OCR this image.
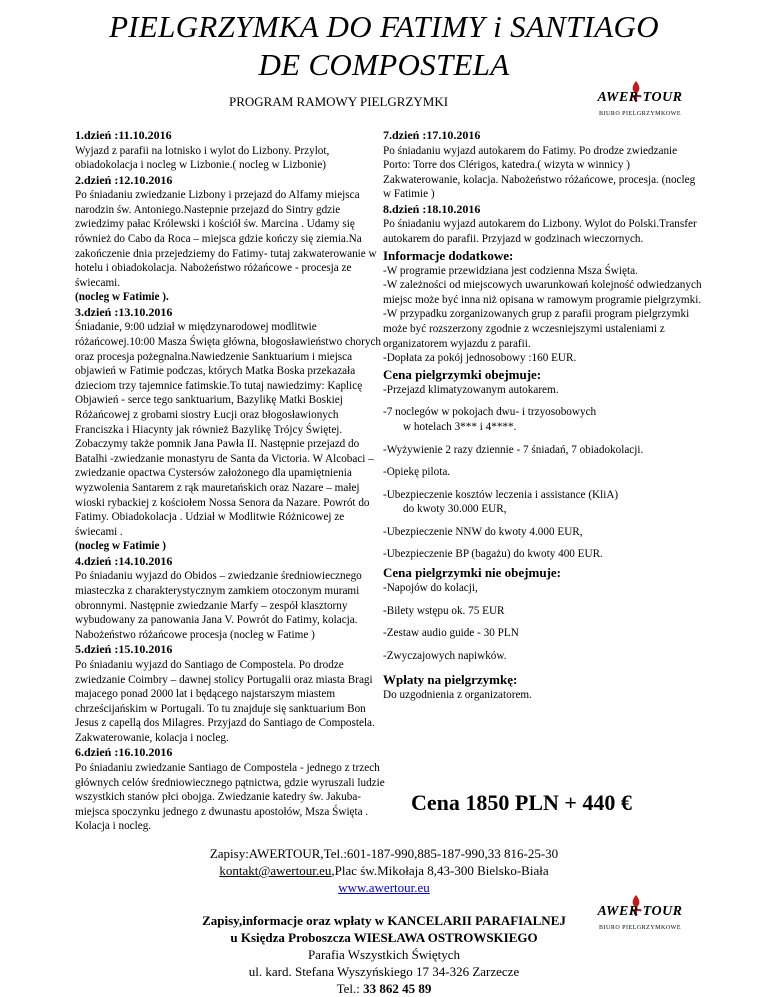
PIELGRZYMKA DO FATIMY i SANTIAGO
DE COMPOSTELA
PROGRAM RAMOWY PIELGRZYMKI	AWER·TOUR
BIURO PIELGRZYMKOWE

1.dzień :11.10.2016

Wyjazd z parafii na lotnisko i wylot do Lizbony. Przylot, obiadokolacja i nocleg w Lizbonie.( nocleg w Lizbonie)

2.dzień :12.10.2016

Po śniadaniu zwiedzanie Lizbony i przejazd do Alfamy miejsca narodzin św. Antoniego.Nastepnie przejazd do Sintry gdzie zwiedzimy pałac Królewski i kościół św. Marcina . Udamy się również do Cabo da Roca – miejsca gdzie kończy się ziemia.Na zakończenie dnia przejedziemy do Fatimy- tutaj zakwaterowanie w hotelu i obiadokolacja. Nabożeństwo różańcowe - procesja ze świecami.

(nocleg w Fatimie ).

3.dzień :13.10.2016

Śniadanie, 9:00 udział w międzynarodowej modlitwie różańcowej.10:00 Masza Święta główna, błogosławieństwo chorych oraz procesja pożegnalna.Nawiedzenie Sanktuarium i miejsca objawień w Fatimie podczas, których Matka Boska przekazała dzieciom trzy tajemnice fatimskie.To tutaj nawiedzimy: Kaplicę Objawień - serce tego sanktuarium, Bazylikę Matki Boskiej Różańcowej z grobami siostry Łucji oraz błogosławionych Franciszka i Hiacynty jak również Bazylikę Trójcy Świętej. Zobaczymy także pomnik Jana Pawła II. Następnie przejazd do Batalhi -zwiedzanie monastyru de Santa da Victoria. W Alcobaci – zwiedzanie opactwa Cystersów założonego dla upamiętnienia wyzwolenia Santarem z rąk mauretańskich oraz Nazare – małej wioski rybackiej z kościołem Nossa Senora da Nazare. Powrót do Fatimy. Obiadokolacja . Udział w Modlitwie Różnicowej ze świecami .

(nocleg w Fatimie )

4.dzień :14.10.2016

Po śniadaniu wyjazd do Obidos – zwiedzanie średniowiecznego miasteczka z charakterystycznym zamkiem otoczonym murami obronnymi. Następnie zwiedzanie Marfy – zespół klasztorny wybudowany za panowania Jana V. Powrót do Fatimy, kolacja. Nabożeństwo różańcowe procesja (nocleg w Fatime )

5.dzień :15.10.2016

Po śniadaniu wyjazd do Santiago de Compostela. Po drodze zwiedzanie Coimbry – dawnej stolicy Portugalii oraz miasta Bragi majacego ponad 2000 lat i będącego najstarszym miastem chrześcijańskim w Portugali. To tu znajduje się sanktuarium Bon Jesus z capellą dos Milagres. Przyjazd do Santiago de Compostela. Zakwaterowanie, kolacja i nocleg.

6.dzień :16.10.2016

Po śniadaniu zwiedzanie Santiago de Compostela - jednego z trzech głównych celów średniowiecznego pątnictwa, gdzie wyruszali ludzie wszystkich stanów płci obojga. Zwiedzanie katedry św. Jakuba-miejsca spoczynku jednego z dwunastu apostołów, Msza Święta . Kolacja i nocleg.

7.dzień :17.10.2016

Po śniadaniu wyjazd autokarem do Fatimy. Po drodze zwiedzanie Porto: Torre dos Clérigos, katedra.( wizyta w winnicy ) Zakwaterowanie, kolacja. Nabożeństwo różańcowe, procesja. (nocleg w Fatimie )

8.dzień :18.10.2016

Po śniadaniu wyjazd autokarem do Lizbony. Wylot do Polski.Transfer autokarem do parafii. Przyjazd w godzinach wieczornych.

Informacje dodatkowe:

-W programie przewidziana jest codzienna Msza Święta.

-W zależności od miejscowych uwarunkowań kolejność odwiedzanych miejsc może być inna niż opisana w ramowym programie pielgrzymki.

-W przypadku zorganizowanych grup z parafii program pielgrzymki może być rozszerzony zgodnie z wczesniejszymi ustaleniami z organizatorem wyjazdu z parafii.

-Dopłata za pokój jednosobowy :160 EUR.

Cena pielgrzymki obejmuje:

-Przejazd klimatyzowanym autokarem.

-7 noclegów w pokojach dwu- i trzyosobowych

w hotelach 3*** i 4****.

-Wyżywienie 2 razy dziennie - 7 śniadań, 7 obiadokolacji.

-Opiekę pilota.

-Ubezpieczenie kosztów leczenia i assistance (KliA)

do kwoty 30.000 EUR,

-Ubezpieczenie NNW do kwoty 4.000 EUR,

-Ubezpieczenie BP (bagażu) do kwoty 400 EUR.

Cena pielgrzymki nie obejmuje:

-Napojów do kolacji,

-Bilety wstępu ok. 75 EUR

-Zestaw audio guide - 30 PLN

-Zwyczajowych napiwków.

Wpłaty na pielgrzymkę:

Do uzgodnienia z organizatorem.

Cena 1850 PLN + 440 €
Zapisy:AWERTOUR,Tel.:601-187-990,885-187-990,33 816-25-30
kontakt@awertour.eu,Plac św.Mikołaja 8,43-300 Bielsko-Biała
www.awertour.eu
AWER·TOUR
BIURO PIELGRZYMKOWE
Zapisy,informacje oraz wpłaty w KANCELARII PARAFIALNEJ
u Księdza Proboszcza WIESŁAWA OSTROWSKIEGO
Parafia Wszystkich Świętych
ul. kard. Stefana Wyszyńskiego 17 34-326 Zarzecze
Tel.: 33 862 45 89
